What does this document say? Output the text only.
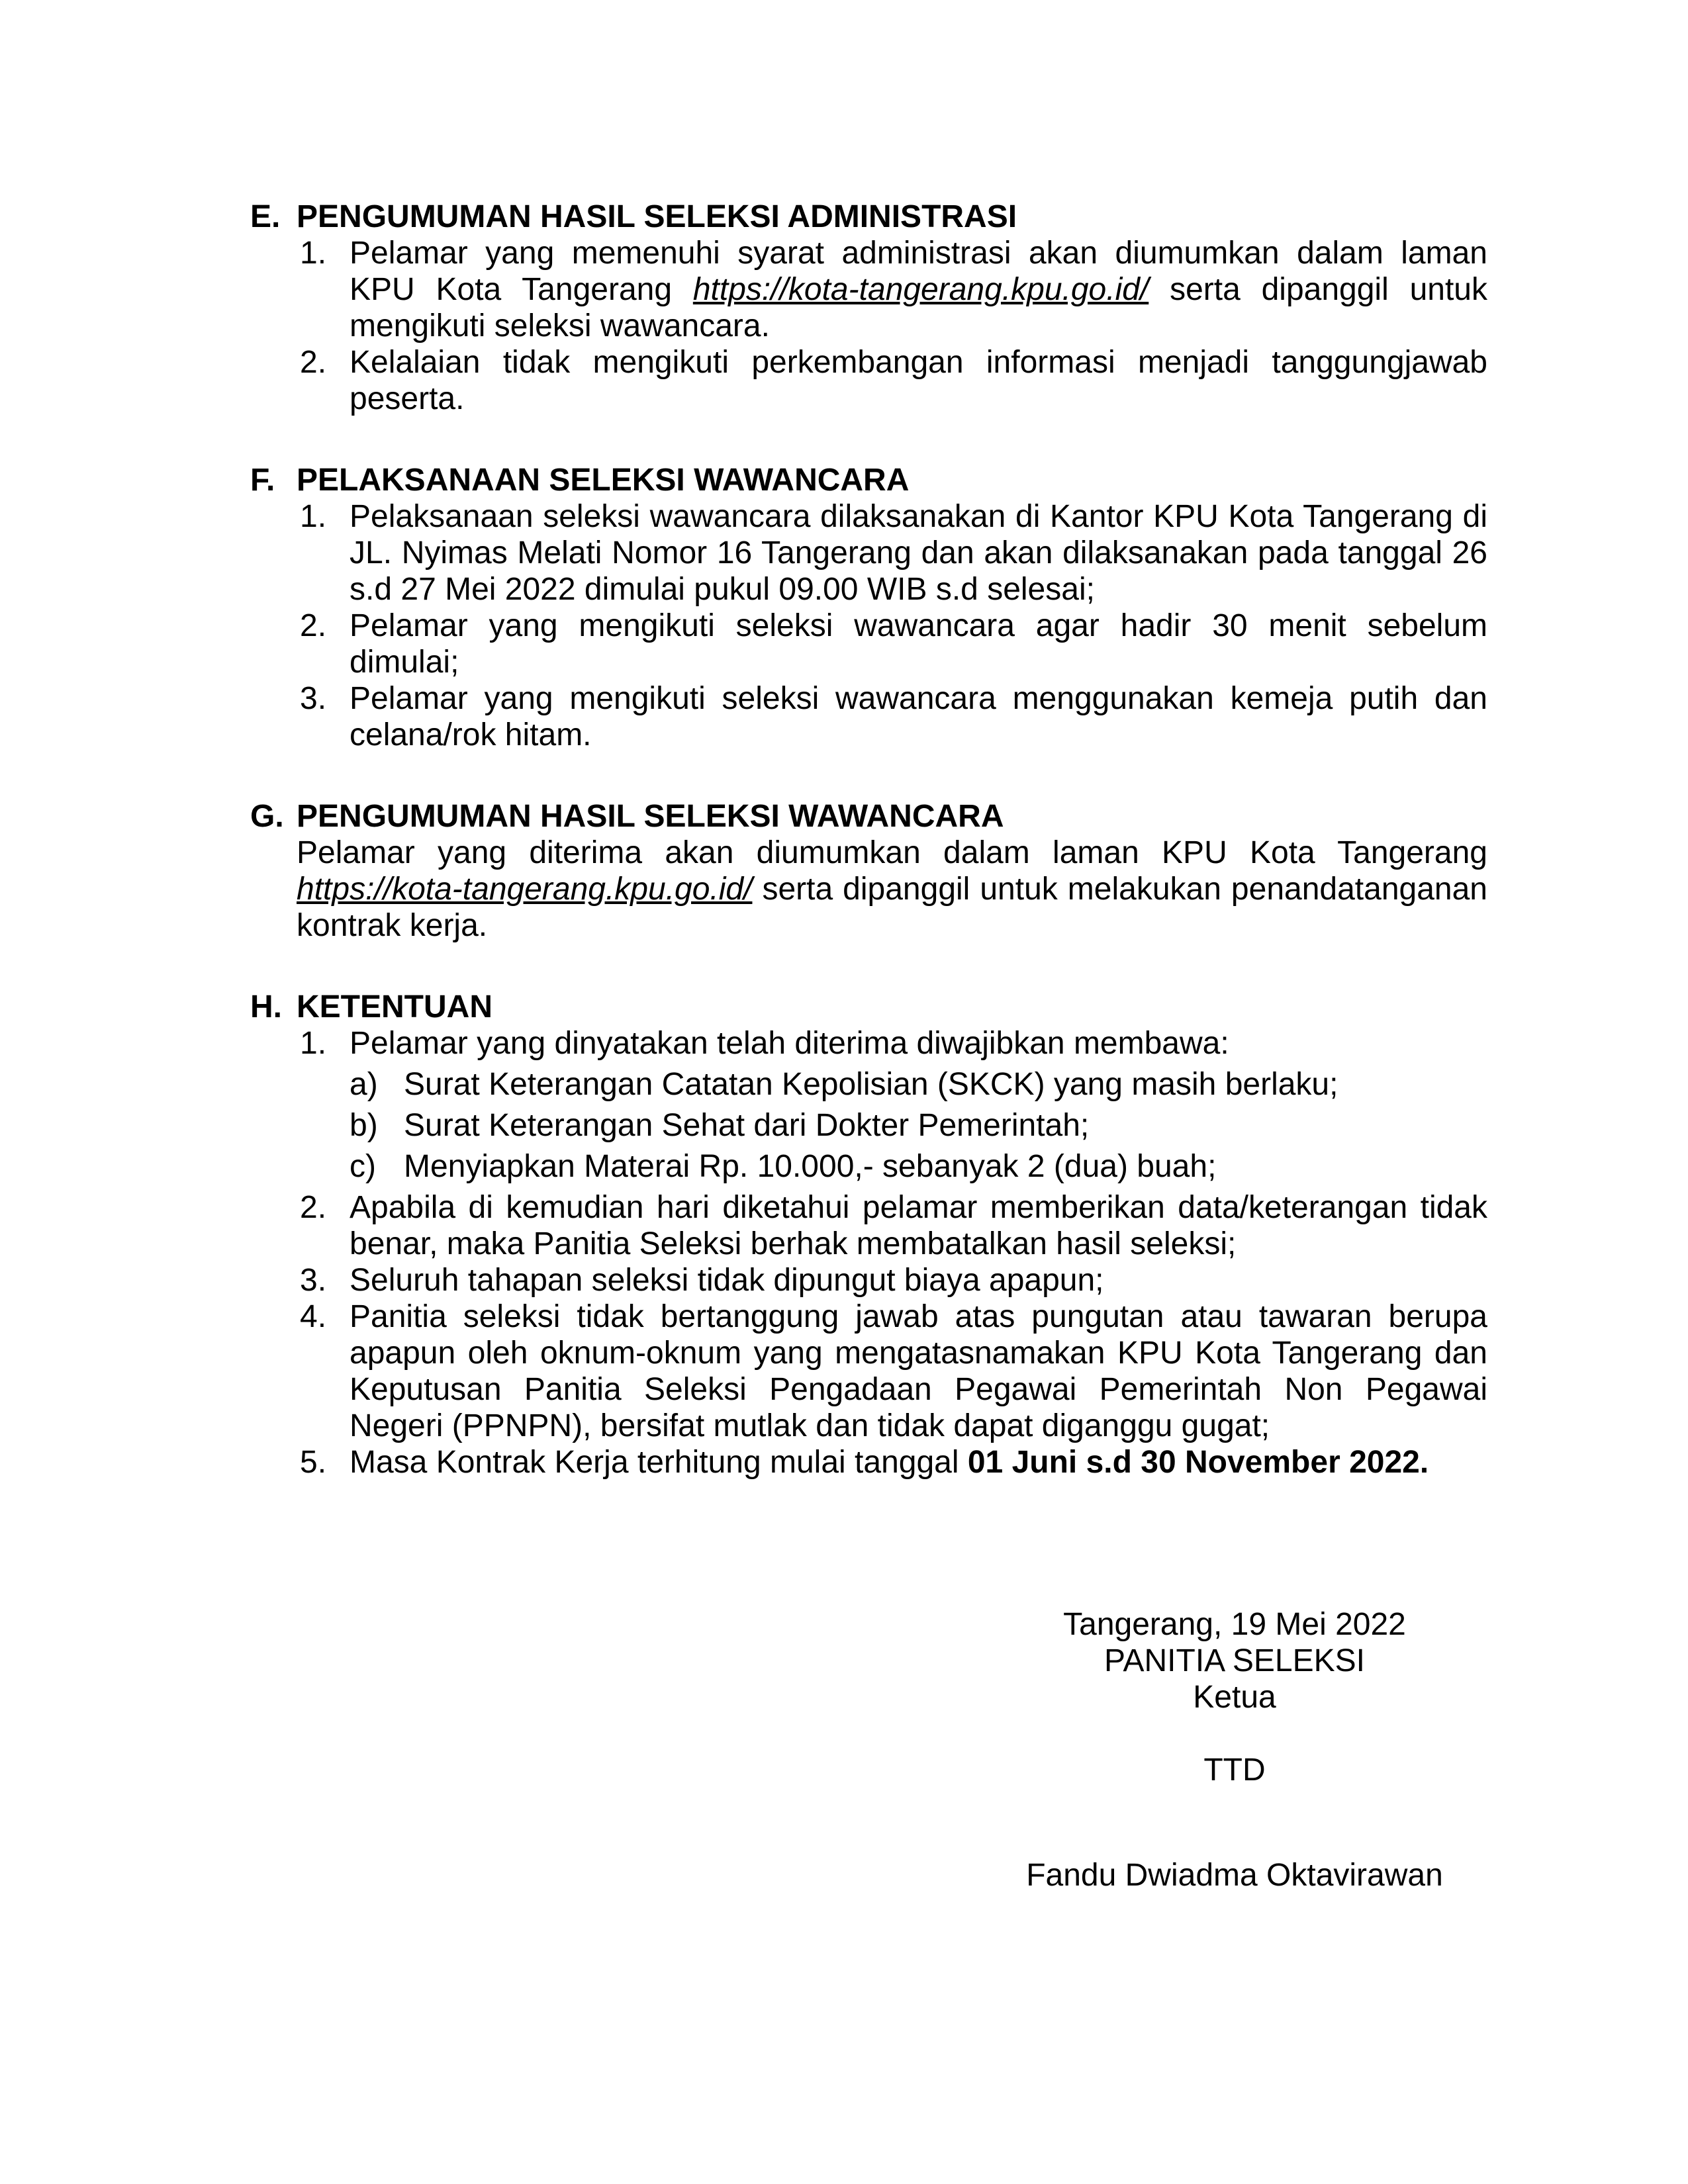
E. PENGUMUMAN HASIL SELEKSI ADMINISTRASI
1. Pelamar yang memenuhi syarat administrasi akan diumumkan dalam laman KPU Kota Tangerang https://kota-tangerang.kpu.go.id/ serta dipanggil untuk mengikuti seleksi wawancara.
2. Kelalaian tidak mengikuti perkembangan informasi menjadi tanggungjawab peserta.
F. PELAKSANAAN SELEKSI WAWANCARA
1. Pelaksanaan seleksi wawancara dilaksanakan di Kantor KPU Kota Tangerang di JL. Nyimas Melati Nomor 16 Tangerang dan akan dilaksanakan pada tanggal 26 s.d 27 Mei 2022 dimulai pukul 09.00 WIB s.d selesai;
2. Pelamar yang mengikuti seleksi wawancara agar hadir 30 menit sebelum dimulai;
3. Pelamar yang mengikuti seleksi wawancara menggunakan kemeja putih dan celana/rok hitam.
G. PENGUMUMAN HASIL SELEKSI WAWANCARA
Pelamar yang diterima akan diumumkan dalam laman KPU Kota Tangerang https://kota-tangerang.kpu.go.id/ serta dipanggil untuk melakukan penandatanganan kontrak kerja.
H. KETENTUAN
1. Pelamar yang dinyatakan telah diterima diwajibkan membawa:
a) Surat Keterangan Catatan Kepolisian (SKCK) yang masih berlaku;
b) Surat Keterangan Sehat dari Dokter Pemerintah;
c) Menyiapkan Materai Rp. 10.000,- sebanyak 2 (dua) buah;
2. Apabila di kemudian hari diketahui pelamar memberikan data/keterangan tidak benar, maka Panitia Seleksi berhak membatalkan hasil seleksi;
3. Seluruh tahapan seleksi tidak dipungut biaya apapun;
4. Panitia seleksi tidak bertanggung jawab atas pungutan atau tawaran berupa apapun oleh oknum-oknum yang mengatasnamakan KPU Kota Tangerang dan Keputusan Panitia Seleksi Pengadaan Pegawai Pemerintah Non Pegawai Negeri (PPNPN), bersifat mutlak dan tidak dapat diganggu gugat;
5. Masa Kontrak Kerja terhitung mulai tanggal 01 Juni s.d 30 November 2022.
Tangerang, 19 Mei 2022
PANITIA SELEKSI
Ketua
TTD
Fandu Dwiadma Oktavirawan
